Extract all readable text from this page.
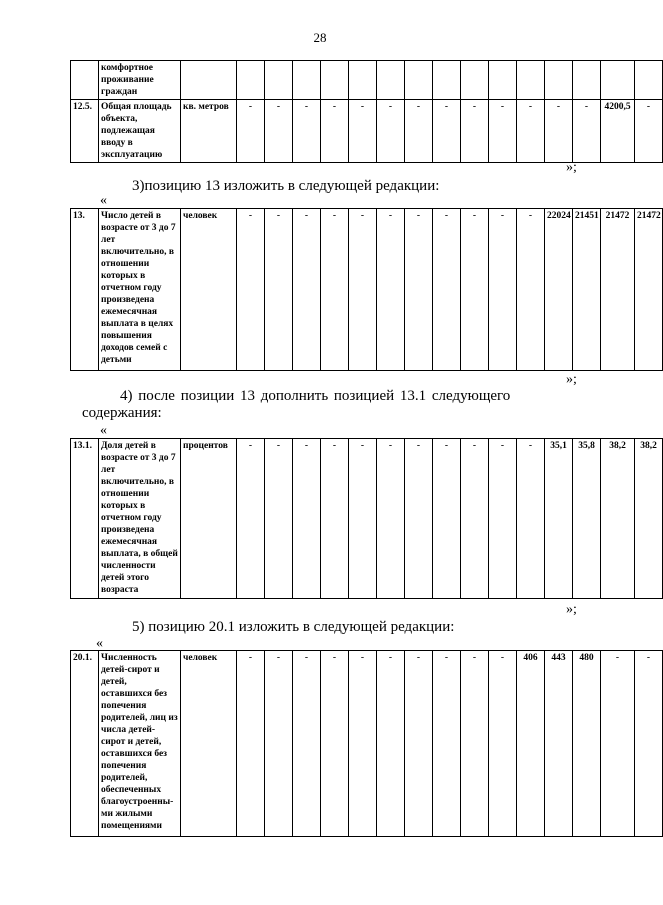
28
	комфортное проживание граждан																
12.5.	Общая площадь объекта, подлежащая вводу в эксплуатацию	кв. метров	-	-	-	-	-	-	-	-	-	-	-	-	-	4200,5	-
»;
3)позицию 13 изложить в следующей редакции:
«
13.	Число детей в возрасте от 3 до 7 лет включительно, в отношении которых в отчетном году произведена ежемесячная выплата в целях повышения доходов семей с детьми	человек	-	-	-	-	-	-	-	-	-	-	-	22024	21451	21472	21472
»;
4) после позиции 13 дополнить позицией 13.1 следующего
содержания:
«
13.1.	Доля детей в возрасте от 3 до 7 лет включительно, в отношении которых в отчетном году произведена ежемесячная выплата, в общей численности детей этого возраста	процентов	-	-	-	-	-	-	-	-	-	-	-	35,1	35,8	38,2	38,2
»;
5) позицию 20.1 изложить в следующей редакции:
«
20.1.	Численность детей-сирот и детей, оставшихся без попечения родителей, лиц из числа детей-сирот и детей, оставшихся без попечения родителей, обеспеченных благоустроенны-ми жилыми помещениями	человек	-	-	-	-	-	-	-	-	-	-	406	443	480	-	-
